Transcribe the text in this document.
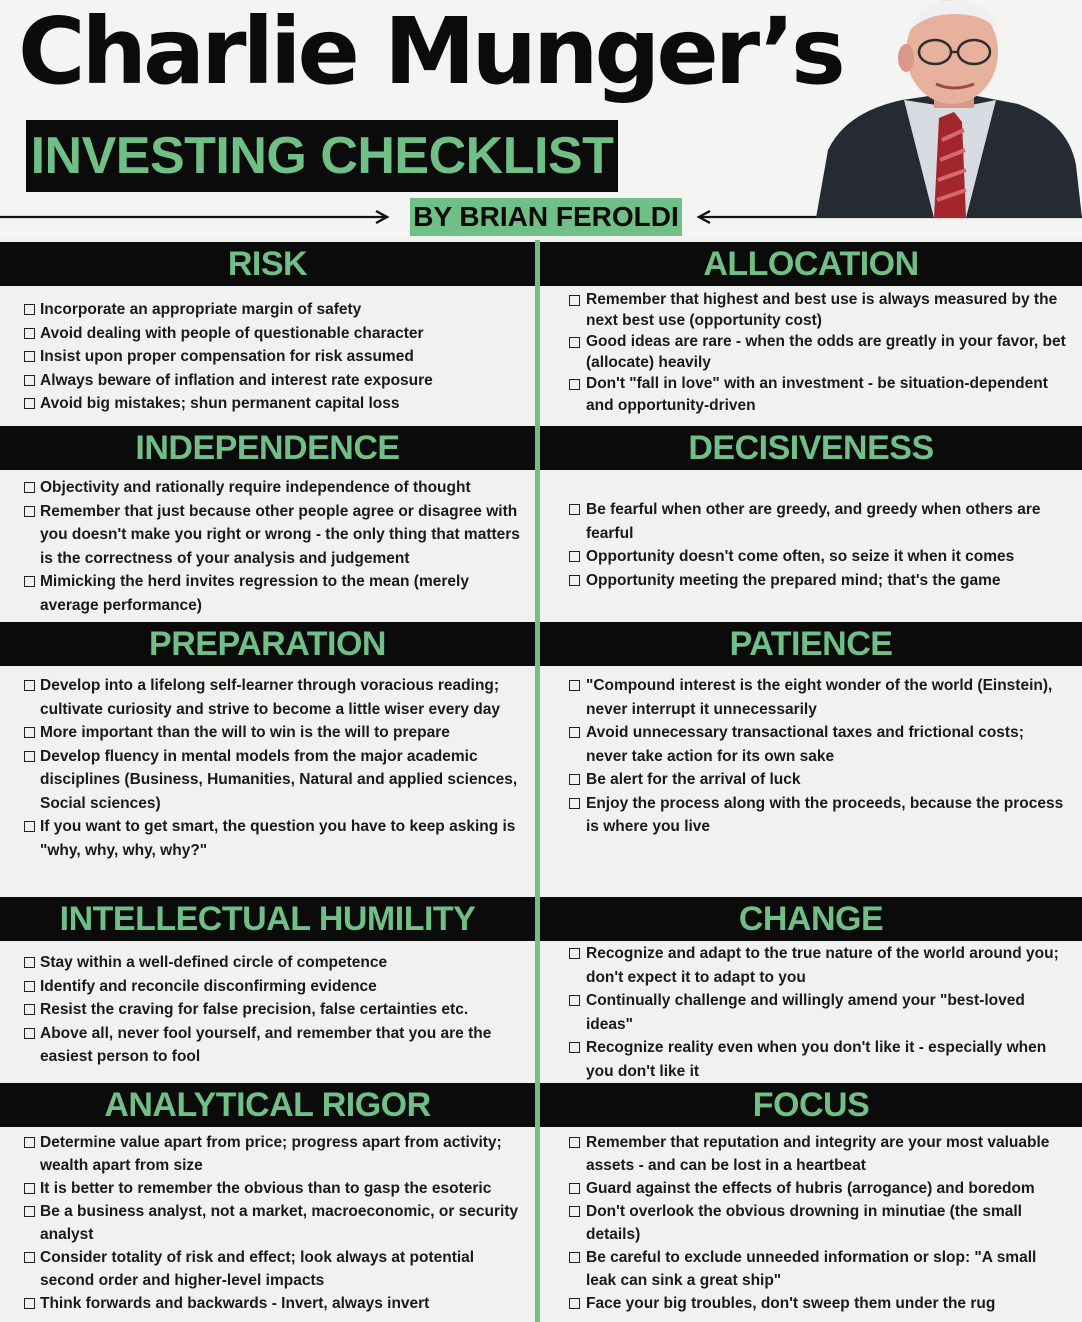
Charlie Munger’s
INVESTING CHECKLIST
BY BRIAN FEROLDI
RISK
Incorporate an appropriate margin of safety
Avoid dealing with people of questionable character
Insist upon proper compensation for risk assumed
Always beware of inflation and interest rate exposure
Avoid big mistakes; shun permanent capital loss
INDEPENDENCE
Objectivity and rationally require independence of thought
Remember that just because other people agree or disagree with you doesn't make you right or wrong - the only thing that matters is the correctness of your analysis and judgement
Mimicking the herd invites regression to the mean (merely average performance)
PREPARATION
Develop into a lifelong self-learner through voracious reading; cultivate curiosity and strive to become a little wiser every day
More important than the will to win is the will to prepare
Develop fluency in mental models from the major academic disciplines (Business, Humanities, Natural and applied sciences, Social sciences)
If you want to get smart, the question you have to keep asking is "why, why, why, why?"
INTELLECTUAL HUMILITY
Stay within a well-defined circle of competence
Identify and reconcile disconfirming evidence
Resist the craving for false precision, false certainties etc.
Above all, never fool yourself, and remember that you are the easiest person to fool
ANALYTICAL RIGOR
Determine value apart from price; progress apart from activity; wealth apart from size
It is better to remember the obvious than to gasp the esoteric
Be a business analyst, not a market, macroeconomic, or security analyst
Consider totality of risk and effect; look always at potential second order and higher-level impacts
Think forwards and backwards - Invert, always invert
ALLOCATION
Remember that highest and best use is always measured by the next best use (opportunity cost)
Good ideas are rare - when the odds are greatly in your favor, bet (allocate) heavily
Don't "fall in love" with an investment - be situation-dependent and opportunity-driven
DECISIVENESS
Be fearful when other are greedy, and greedy when others are fearful
Opportunity doesn't come often, so seize it when it comes
Opportunity meeting the prepared mind; that's the game
PATIENCE
"Compound interest is the eight wonder of the world (Einstein), never interrupt it unnecessarily
Avoid unnecessary transactional taxes and frictional costs; never take action for its own sake
Be alert for the arrival of luck
Enjoy the process along with the proceeds, because the process is where you live
CHANGE
Recognize and adapt to the true nature of the world around you; don't expect it to adapt to you
Continually challenge and willingly amend your "best-loved ideas"
Recognize reality even when you don't like it - especially when you don't like it
FOCUS
Remember that reputation and integrity are your most valuable assets - and can be lost in a heartbeat
Guard against the effects of hubris (arrogance) and boredom
Don't overlook the obvious drowning in minutiae (the small details)
Be careful to exclude unneeded information or slop: "A small leak can sink a great ship"
Face your big troubles, don't sweep them under the rug
